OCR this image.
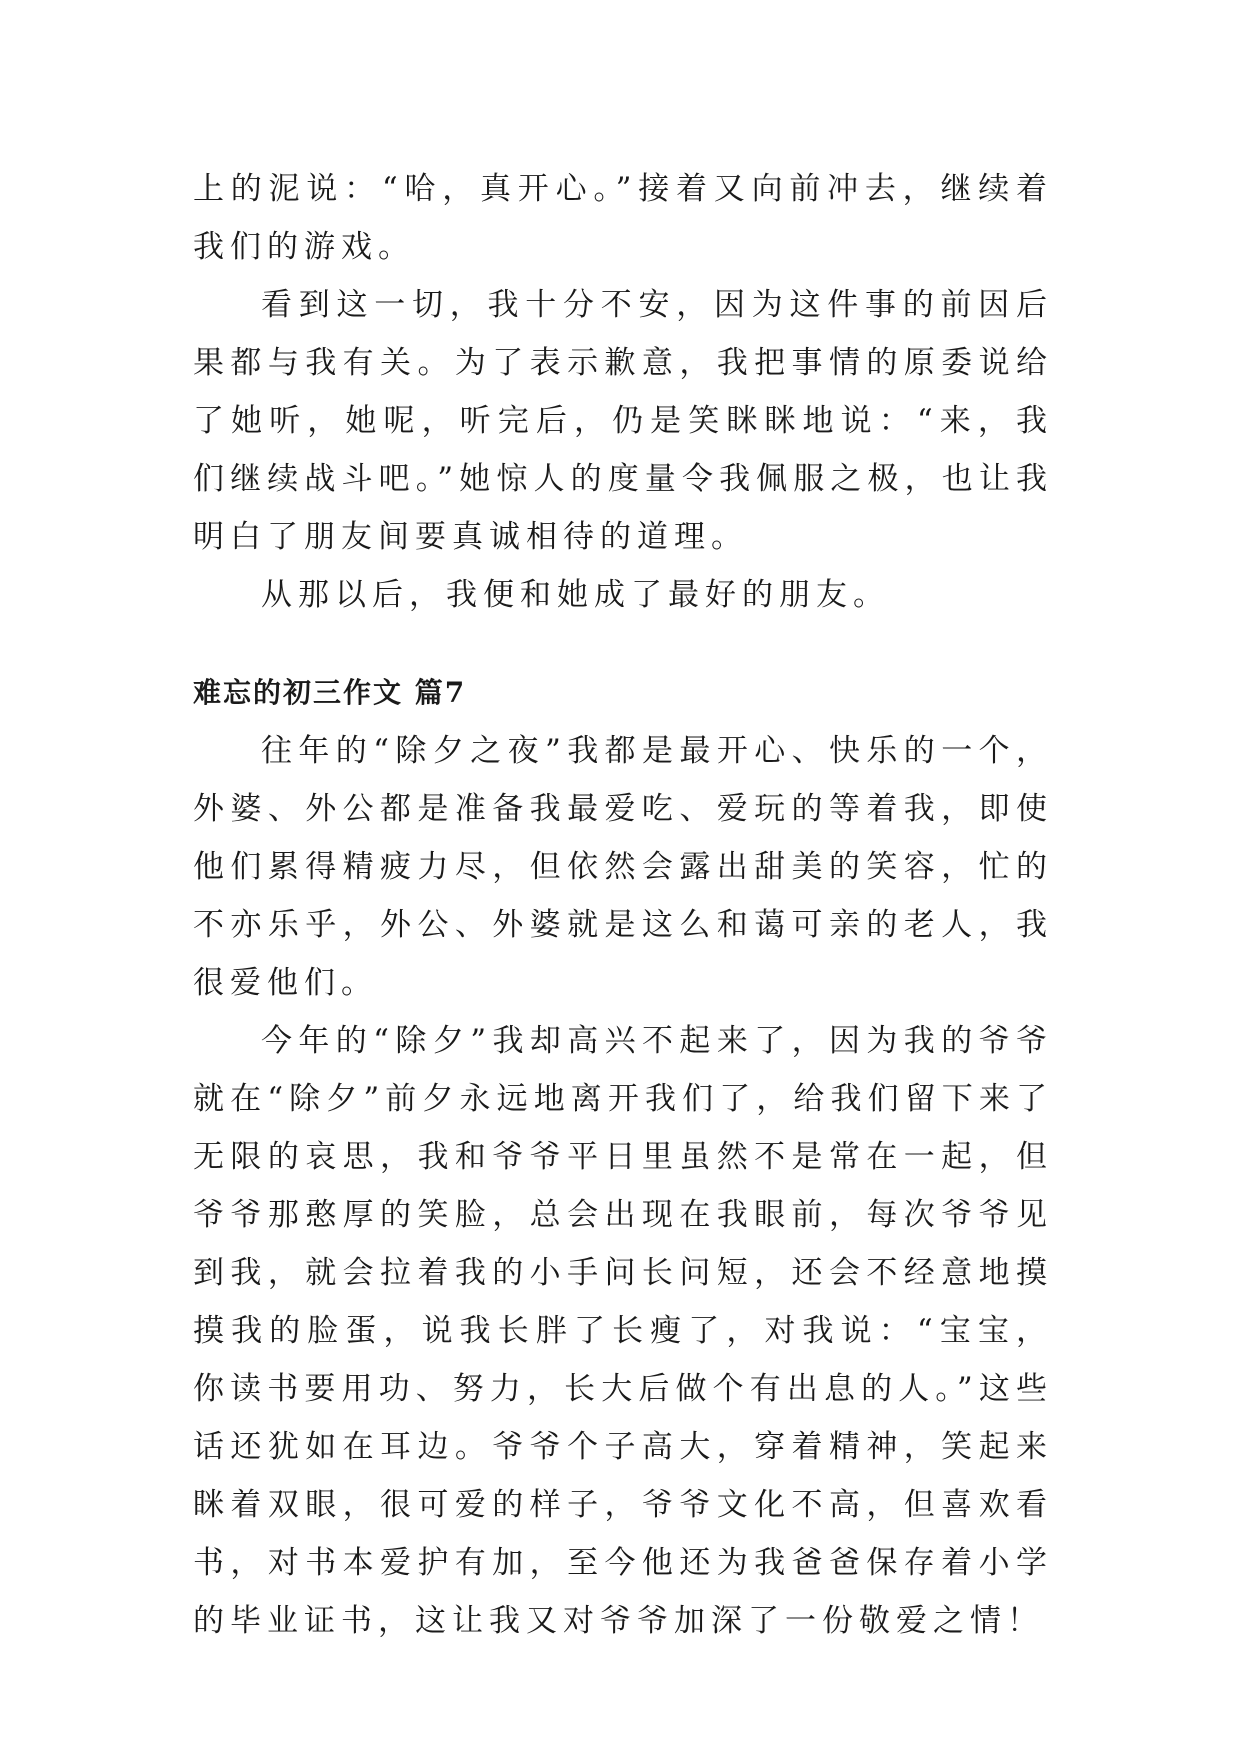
上的泥说：“哈，真开心。”接着又向前冲去，继续着我们的游戏。

看到这一切，我十分不安，因为这件事的前因后果都与我有关。为了表示歉意，我把事情的原委说给了她听，她呢，听完后，仍是笑眯眯地说：“来，我们继续战斗吧。”她惊人的度量令我佩服之极，也让我明白了朋友间要真诚相待的道理。

从那以后，我便和她成了最好的朋友。

难忘的初三作文 篇7

往年的“除夕之夜”我都是最开心、快乐的一个，外婆、外公都是准备我最爱吃、爱玩的等着我，即使他们累得精疲力尽，但依然会露出甜美的笑容，忙的不亦乐乎，外公、外婆就是这么和蔼可亲的老人，我很爱他们。

今年的“除夕”我却高兴不起来了，因为我的爷爷就在“除夕”前夕永远地离开我们了，给我们留下来了无限的哀思，我和爷爷平日里虽然不是常在一起，但爷爷那憨厚的笑脸，总会出现在我眼前，每次爷爷见到我，就会拉着我的小手问长问短，还会不经意地摸摸我的脸蛋，说我长胖了长瘦了，对我说：“宝宝，你读书要用功、努力，长大后做个有出息的人。”这些话还犹如在耳边。爷爷个子高大，穿着精神，笑起来眯着双眼，很可爱的样子，爷爷文化不高，但喜欢看书，对书本爱护有加，至今他还为我爸爸保存着小学的毕业证书，这让我又对爷爷加深了一份敬爱之情！
